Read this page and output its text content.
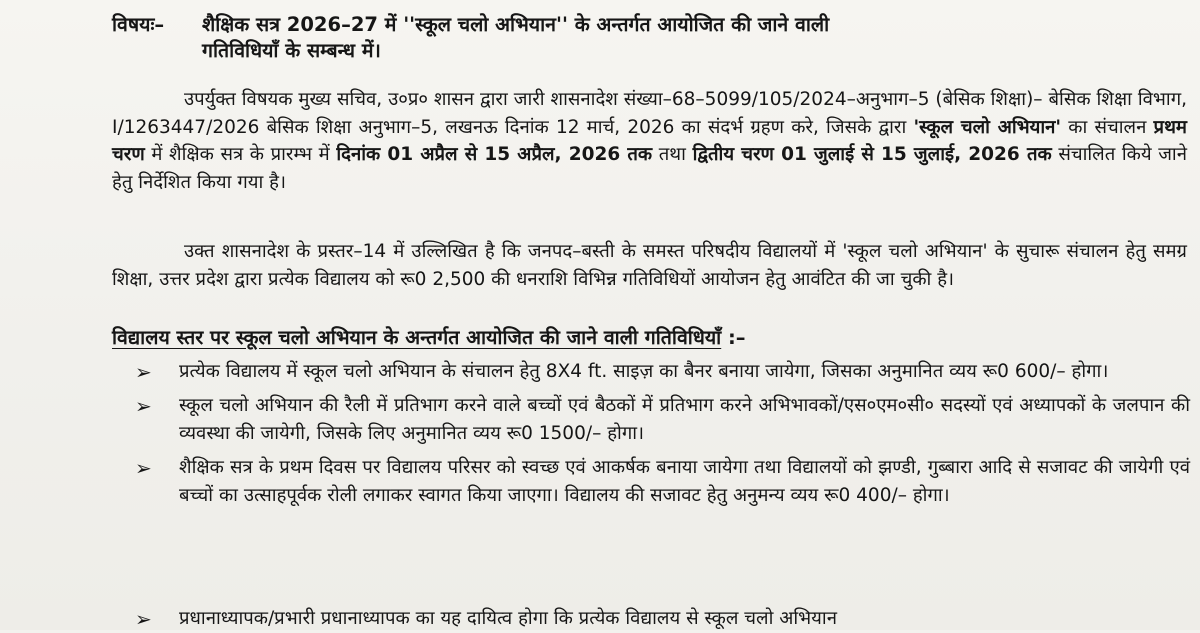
विषयः– शैक्षिक सत्र 2026–27 में ''स्कूल चलो अभियान'' के अन्तर्गत आयोजित की जाने वाली
गतिविधियाँ के सम्बन्ध में।
उपर्युक्त विषयक मुख्य सचिव, उ०प्र० शासन द्वारा जारी शासनादेश संख्या–68–5099/105/2024–अनुभाग–5 (बेसिक शिक्षा)– बेसिक शिक्षा विभाग, I/1263447/2026 बेसिक शिक्षा अनुभाग–5, लखनऊ दिनांक 12 मार्च, 2026 का संदर्भ ग्रहण करे, जिसके द्वारा 'स्कूल चलो अभियान' का संचालन प्रथम चरण में शैक्षिक सत्र के प्रारम्भ में दिनांक 01 अप्रैल से 15 अप्रैल, 2026 तक तथा द्वितीय चरण 01 जुलाई से 15 जुलाई, 2026 तक संचालित किये जाने हेतु निर्देशित किया गया है।
उक्त शासनादेश के प्रस्तर–14 में उल्लिखित है कि जनपद–बस्ती के समस्त परिषदीय विद्यालयों में 'स्कूल चलो अभियान' के सुचारू संचालन हेतु समग्र शिक्षा, उत्तर प्रदेश द्वारा प्रत्येक विद्यालय को रू0 2,500 की धनराशि विभिन्न गतिविधियों आयोजन हेतु आवंटित की जा चुकी है।
विद्यालय स्तर पर स्कूल चलो अभियान के अन्तर्गत आयोजित की जाने वाली गतिविधियाँ :–
➢ प्रत्येक विद्यालय में स्कूल चलो अभियान के संचालन हेतु 8X4 ft. साइज़ का बैनर बनाया जायेगा, जिसका अनुमानित व्यय रू0 600/– होगा।
➢ स्कूल चलो अभियान की रैली में प्रतिभाग करने वाले बच्चों एवं बैठकों में प्रतिभाग करने अभिभावकों/एस०एम०सी० सदस्यों एवं अध्यापकों के जलपान की व्यवस्था की जायेगी, जिसके लिए अनुमानित व्यय रू0 1500/– होगा।
➢ शैक्षिक सत्र के प्रथम दिवस पर विद्यालय परिसर को स्वच्छ एवं आकर्षक बनाया जायेगा तथा विद्यालयों को झण्डी, गुब्बारा आदि से सजावट की जायेगी एवं बच्चों का उत्साहपूर्वक रोली लगाकर स्वागत किया जाएगा। विद्यालय की सजावट हेतु अनुमन्य व्यय रू0 400/– होगा।
➢ प्रधानाध्यापक/प्रभारी प्रधानाध्यापक का यह दायित्व होगा कि प्रत्येक विद्यालय से स्कूल चलो अभियान
